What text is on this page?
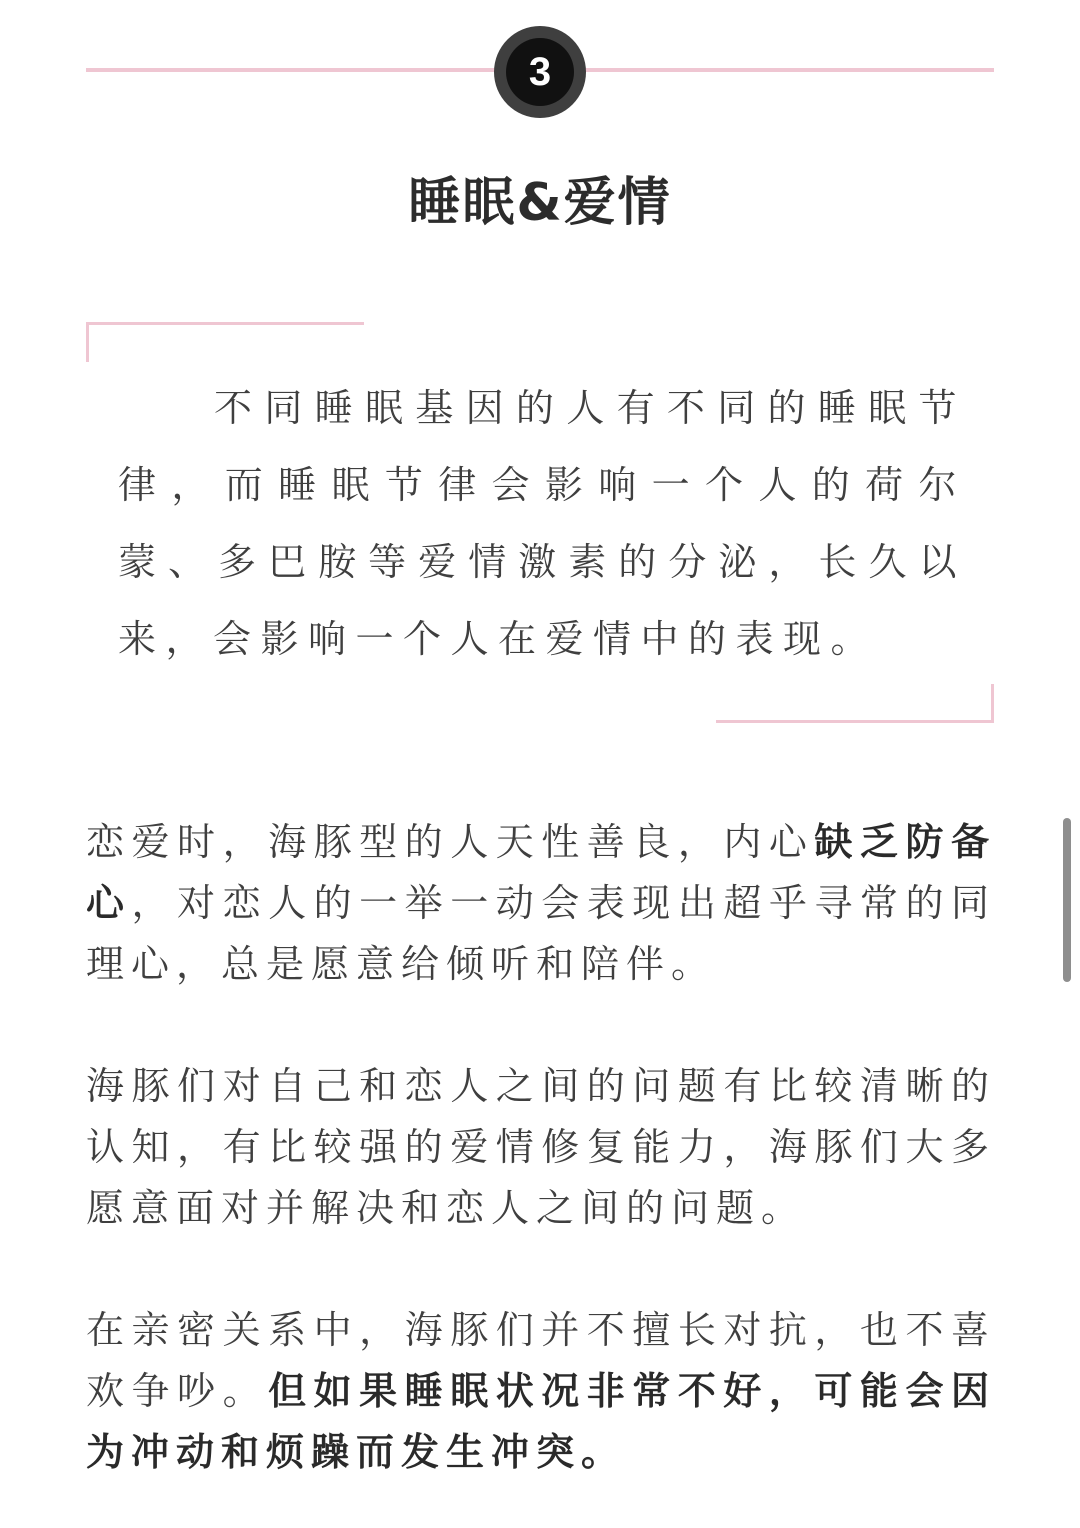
3
睡眠&爱情
不同睡眠基因的人有不同的睡眠节律，而睡眠节律会影响一个人的荷尔蒙、多巴胺等爱情激素的分泌，长久以来，会影响一个人在爱情中的表现。
恋爱时，海豚型的人天性善良，内心缺乏防备心，对恋人的一举一动会表现出超乎寻常的同理心，总是愿意给倾听和陪伴。
海豚们对自己和恋人之间的问题有比较清晰的认知，有比较强的爱情修复能力，海豚们大多愿意面对并解决和恋人之间的问题。
在亲密关系中，海豚们并不擅长对抗，也不喜欢争吵。但如果睡眠状况非常不好，可能会因为冲动和烦躁而发生冲突。
